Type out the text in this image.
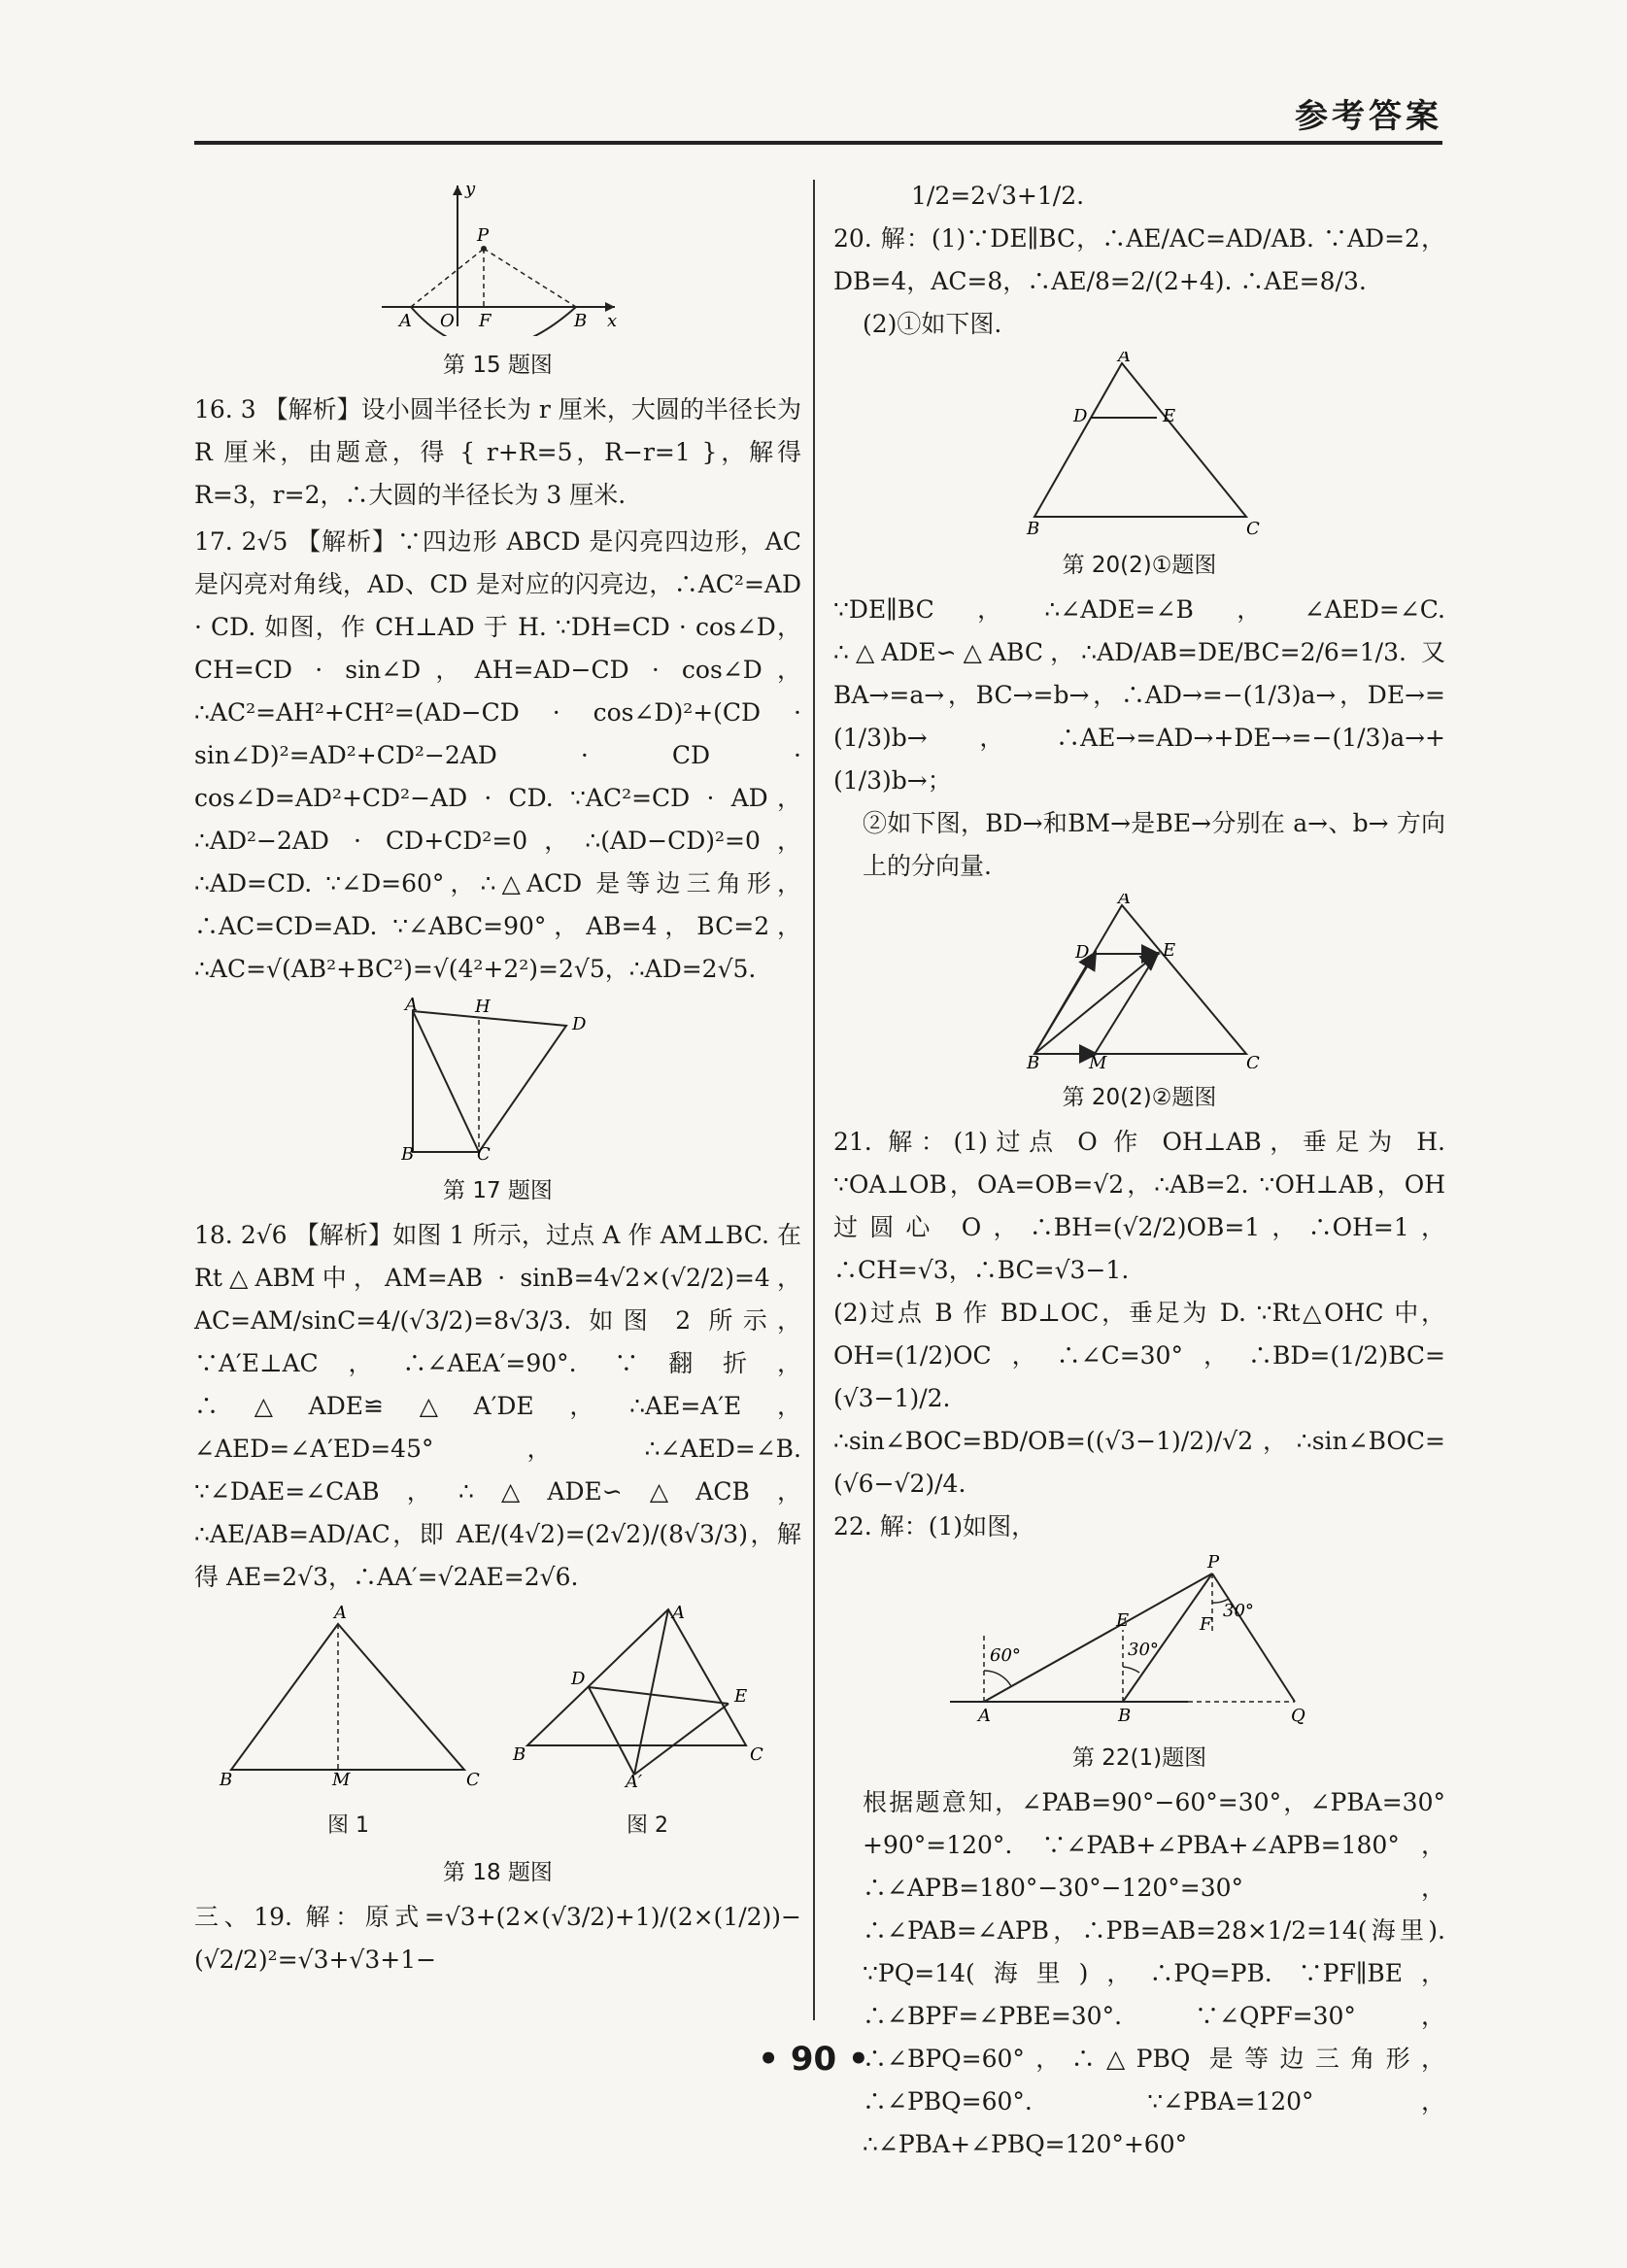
参考答案
y
P
A O F	B x

第 15 题图

16. 3 【解析】设小圆半径长为 r 厘米，大圆的半径长为 R 厘米，由题意，得 { r+R=5，R−r=1 }，解得 R=3，r=2，∴大圆的半径长为 3 厘米.

17. 2√5 【解析】∵四边形 ABCD 是闪亮四边形，AC 是闪亮对角线，AD、CD 是对应的闪亮边，∴AC²=AD · CD. 如图，作 CH⊥AD 于 H. ∵DH=CD · cos∠D，CH=CD · sin∠D，AH=AD−CD · cos∠D，∴AC²=AH²+CH²=(AD−CD · cos∠D)²+(CD · sin∠D)²=AD²+CD²−2AD · CD · cos∠D=AD²+CD²−AD · CD. ∵AC²=CD · AD，∴AD²−2AD · CD+CD²=0，∴(AD−CD)²=0，∴AD=CD. ∵∠D=60°，∴△ACD 是等边三角形，∴AC=CD=AD. ∵∠ABC=90°，AB=4，BC=2，∴AC=√(AB²+BC²)=√(4²+2²)=2√5，∴AD=2√5.

A	H
D
B	C

第 17 题图

18. 2√6 【解析】如图 1 所示，过点 A 作 AM⊥BC. 在 Rt△ABM中，AM=AB · sinB=4√2×(√2/2)=4，AC=AM/sinC=4/(√3/2)=8√3/3. 如图 2 所示，∵A′E⊥AC，∴∠AEA′=90°. ∵翻折，∴△ADE≌△A′DE，∴AE=A′E，∠AED=∠A′ED=45°，∴∠AED=∠B. ∵∠DAE=∠CAB，∴△ADE∽△ACB，∴AE/AB=AD/AC，即 AE/(4√2)=(2√2)/(8√3/3)，解得 AE=2√3，∴AA′=√2AE=2√6.

A
B	M	C
A
D
E
B
A′
C
图 1	图 2

第 18 题图

三、19. 解：原式=√3+(2×(√3/2)+1)/(2×(1/2))−(√2/2)²=√3+√3+1−

1/2=2√3+1/2.

20. 解：(1)∵DE∥BC，∴AE/AC=AD/AB. ∵AD=2，DB=4，AC=8，∴AE/8=2/(2+4). ∴AE=8/3.

(2)①如下图.

A
D	E
B	C

第 20(2)①题图

∵DE∥BC，∴∠ADE=∠B，∠AED=∠C. ∴△ADE∽△ABC，∴AD/AB=DE/BC=2/6=1/3. 又 BA→=a→，BC→=b→，∴AD→=−(1/3)a→，DE→=(1/3)b→，∴AE→=AD→+DE→=−(1/3)a→+(1/3)b→；

②如下图，BD→和BM→是BE→分别在 a→、b→ 方向上的分向量.

A
D	E
B	M	C

第 20(2)②题图

21. 解：(1)过点 O 作 OH⊥AB，垂足为 H. ∵OA⊥OB，OA=OB=√2，∴AB=2. ∵OH⊥AB，OH 过圆心 O，∴BH=(√2/2)OB=1，∴OH=1，∴CH=√3，∴BC=√3−1.

(2)过点 B 作 BD⊥OC，垂足为 D. ∵Rt△OHC 中，OH=(1/2)OC，∴∠C=30°，∴BD=(1/2)BC=(√3−1)/2.

∴sin∠BOC=BD/OB=((√3−1)/2)/√2，∴sin∠BOC=(√6−√2)/4.

22. 解：(1)如图，

P
E	F
30°
60°	30°
A	B	Q

第 22(1)题图

根据题意知，∠PAB=90°−60°=30°，∠PBA=30°+90°=120°. ∵∠PAB+∠PBA+∠APB=180°，∴∠APB=180°−30°−120°=30°，∴∠PAB=∠APB，∴PB=AB=28×1/2=14(海里). ∵PQ=14(海里)，∴PQ=PB. ∵PF∥BE，∴∠BPF=∠PBE=30°. ∵∠QPF=30°，∴∠BPQ=60°，∴△PBQ 是等边三角形，∴∠PBQ=60°. ∵∠PBA=120°，∴∠PBA+∠PBQ=120°+60°

• 90 •
